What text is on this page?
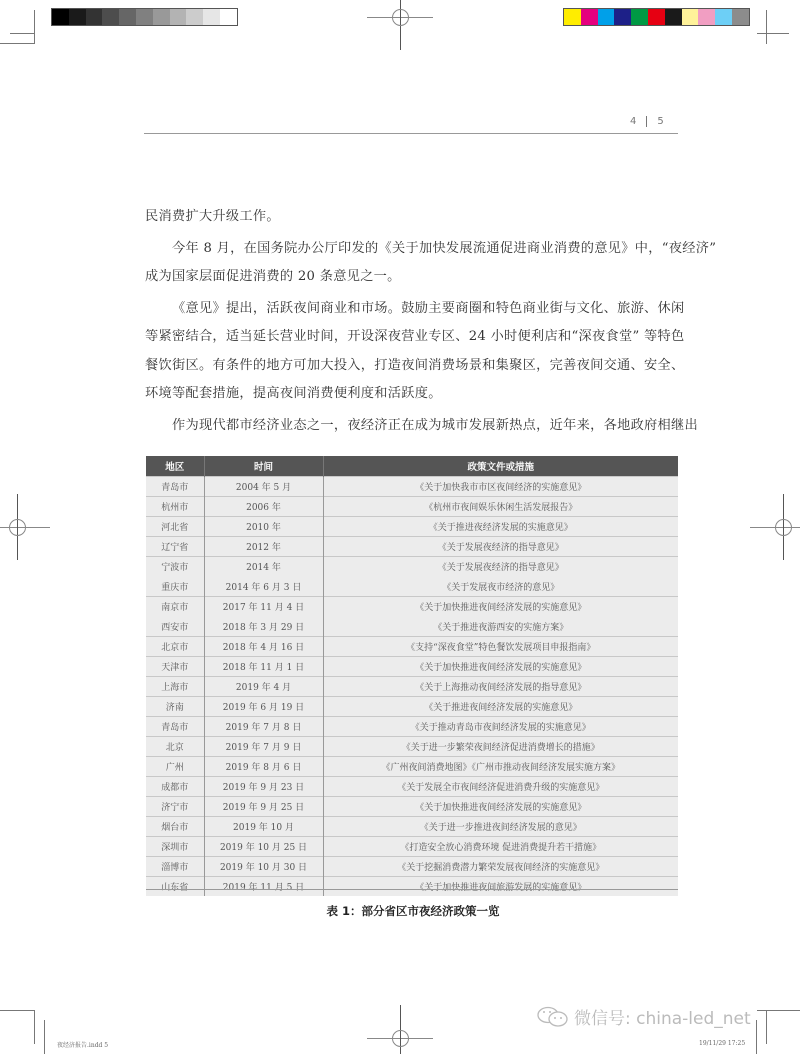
4 5

民消费扩大升级工作。

今年 8 月，在国务院办公厅印发的《关于加快发展流通促进商业消费的意见》中，“夜经济”

成为国家层面促进消费的 20 条意见之一。

《意见》提出，活跃夜间商业和市场。鼓励主要商圈和特色商业街与文化、旅游、休闲

等紧密结合，适当延长营业时间，开设深夜营业专区、24 小时便利店和“深夜食堂” 等特色

餐饮街区。有条件的地方可加大投入，打造夜间消费场景和集聚区，完善夜间交通、安全、

环境等配套措施，提高夜间消费便利度和活跃度。

作为现代都市经济业态之一，夜经济正在成为城市发展新热点，近年来，各地政府相继出

地区	时间	政策文件或措施
青岛市	2004 年 5 月	《关于加快我市市区夜间经济的实施意见》
杭州市	2006 年	《杭州市夜间娱乐休闲生活发展报告》
河北省	2010 年	《关于推进夜经济发展的实施意见》
辽宁省	2012 年	《关于发展夜经济的指导意见》
宁波市	2014 年	《关于发展夜经济的指导意见》
重庆市	2014 年 6 月 3 日	《关于发展夜市经济的意见》
南京市	2017 年 11 月 4 日	《关于加快推进夜间经济发展的实施意见》
西安市	2018 年 3 月 29 日	《关于推进夜游西安的实施方案》
北京市	2018 年 4 月 16 日	《支持“深夜食堂”特色餐饮发展项目申报指南》
天津市	2018 年 11 月 1 日	《关于加快推进夜间经济发展的实施意见》
上海市	2019 年 4 月	《关于上海推动夜间经济发展的指导意见》
济南	2019 年 6 月 19 日	《关于推进夜间经济发展的实施意见》
青岛市	2019 年 7 月 8 日	《关于推动青岛市夜间经济发展的实施意见》
北京	2019 年 7 月 9 日	《关于进一步繁荣夜间经济促进消费增长的措施》
广州	2019 年 8 月 6 日	《广州夜间消费地图》《广州市推动夜间经济发展实施方案》
成都市	2019 年 9 月 23 日	《关于发展全市夜间经济促进消费升级的实施意见》
济宁市	2019 年 9 月 25 日	《关于加快推进夜间经济发展的实施意见》
烟台市	2019 年 10 月	《关于进一步推进夜间经济发展的意见》
深圳市	2019 年 10 月 25 日	《打造安全放心消费环境 促进消费提升若干措施》
淄博市	2019 年 10 月 30 日	《关于挖掘消费潜力繁荣发展夜间经济的实施意见》
山东省	2019 年 11 月 5 日	《关于加快推进夜间旅游发展的实施意见》
表 1：部分省区市夜经济政策一览
微信号: china-led_net
夜经济报告.indd 5	19/11/29 17:25
